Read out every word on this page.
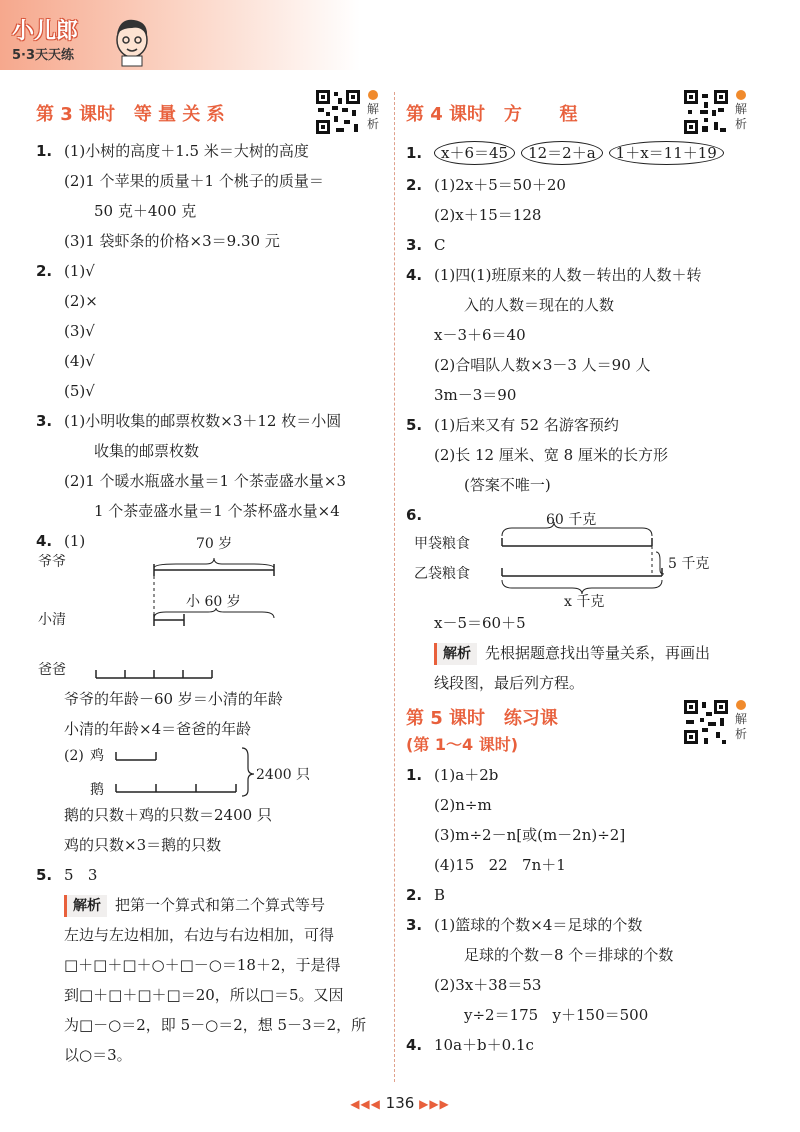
小儿郎
5·3天天练
第 3 课时   等 量 关 系	解析
1. (1)小树的高度＋1.5 米＝大树的高度
(2)1 个苹果的质量＋1 个桃子的质量＝
50 克＋400 克
(3)1 袋虾条的价格×3＝9.30 元
2. (1)√
(2)×
(3)√
(4)√
(5)√
3. (1)小明收集的邮票枚数×3＋12 枚＝小圆
收集的邮票枚数
(2)1 个暖水瓶盛水量＝1 个茶壶盛水量×3
1 个茶壶盛水量＝1 个茶杯盛水量×4
4. (1)
爷爷
70 岁
小 60 岁
小清
爸爸
爷爷的年龄－60 岁＝小清的年龄
小清的年龄×4＝爸爸的年龄
(2) 鸡
鹅
2400 只
鹅的只数＋鸡的只数＝2400 只
鸡的只数×3＝鹅的只数
5. 5   3
解析 把第一个算式和第二个算式等号
左边与左边相加，右边与右边相加，可得
□＋□＋□＋○＋□－○＝18＋2，于是得
到□＋□＋□＋□＝20，所以□＝5。又因
为□－○＝2，即 5－○＝2，想 5－3＝2，所
以○＝3。
第 4 课时   方      程	解析
1. x＋6＝45 12＝2＋a 1＋x＝11＋19
2. (1)2x＋5＝50＋20
(2)x＋15＝128
3. C
4. (1)四(1)班原来的人数－转出的人数＋转
入的人数＝现在的人数
x－3＋6＝40
(2)合唱队人数×3－3 人＝90 人
3m－3＝90
5. (1)后来又有 52 名游客预约
(2)长 12 厘米、宽 8 厘米的长方形
(答案不唯一)
6.	60 千克
甲袋粮食
5 千克
乙袋粮食
x 千克
x－5＝60＋5
解析 先根据题意找出等量关系，再画出
线段图，最后列方程。
第 5 课时   练习课
(第 1～4 课时)
解析
1. (1)a＋2b
(2)n÷m
(3)m÷2－n[或(m－2n)÷2]
(4)15   22   7n＋1
2. B
3. (1)篮球的个数×4＝足球的个数
足球的个数－8 个＝排球的个数
(2)3x＋38＝53
y÷2＝175   y＋150＝500
4. 10a＋b＋0.1c
◀◀◀ 136 ▶▶▶
